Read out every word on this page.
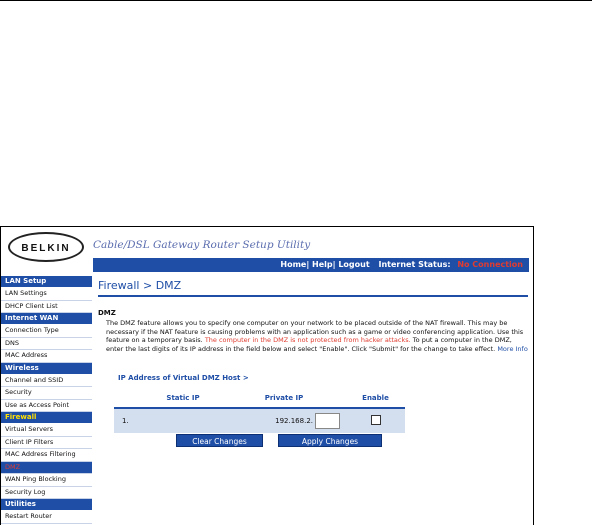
BELKIN Cable/DSL Gateway Router Setup Utility
Home| Help| Logout Internet Status: No Connection
LAN Setup
LAN Settings
DHCP Client List
Internet WAN
Connection Type
DNS
MAC Address
Wireless
Channel and SSID
Security
Use as Access Point
Firewall
Virtual Servers
Client IP Filters
MAC Address Filtering
DMZ
WAN Ping Blocking
Security Log
Utilities
Restart Router
Firewall > DMZ
DMZ
The DMZ feature allows you to specify one computer on your network to be placed outside of the NAT firewall. This may be necessary if the NAT feature is causing problems with an application such as a game or video conferencing application. Use this feature on a temporary basis. The computer in the DMZ is not protected from hacker attacks. To put a computer in the DMZ, enter the last digits of its IP address in the field below and select "Enable". Click "Submit" for the change to take effect. More Info
IP Address of Virtual DMZ Host >
	Static IP	Private IP	Enable
1.		192.168.2.	
Clear Changes	Apply Changes
